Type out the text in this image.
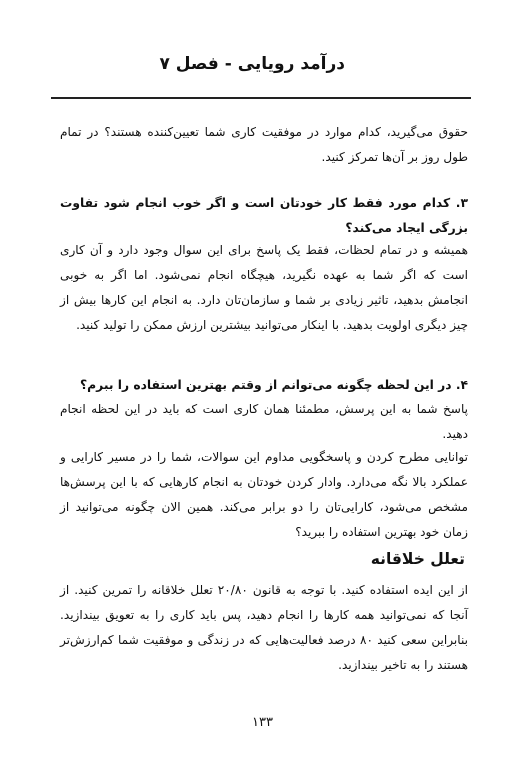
درآمد رویایی - فصل ۷

حقوق می‌گیرید، کدام موارد در موفقیت کاری شما تعیین‌کننده هستند؟ در تمام طول روز بر آن‌ها تمرکز کنید.

۳. کدام مورد فقط کار خودتان است و اگر خوب انجام شود تفاوت بزرگی ایجاد می‌کند؟

همیشه و در تمام لحظات، فقط یک پاسخ برای این سوال وجود دارد و آن کاری است که اگر شما به عهده نگیرید، هیچگاه انجام نمی‌شود. اما اگر به خوبی انجامش بدهید، تاثیر زیادی بر شما و سازمان‌تان دارد. به انجام این کارها بیش از چیز دیگری اولویت بدهید. با اینکار می‌توانید بیشترین ارزش ممکن را تولید کنید.

۴. در این لحظه چگونه می‌توانم از وقتم بهترین استفاده را ببرم؟

پاسخ شما به این پرسش، مطمئنا همان کاری است که باید در این لحظه انجام دهید.

توانایی مطرح کردن و پاسخگویی مداوم این سوالات، شما را در مسیر کارایی و عملکرد بالا نگه می‌دارد. وادار کردن خودتان به انجام کارهایی که با این پرسش‌ها مشخص می‌شود، کارایی‌تان را دو برابر می‌کند. همین الان چگونه می‌توانید از زمان خود بهترین استفاده را ببرید؟

تعلل خلاقانه

از این ایده استفاده کنید. با توجه به قانون ۲۰/۸۰ تعلل خلاقانه را تمرین کنید. از آنجا که نمی‌توانید همه کارها را انجام دهید، پس باید کاری را به تعویق بیندازید. بنابراین سعی کنید ۸۰ درصد فعالیت‌هایی که در زندگی و موفقیت شما کم‌ارزش‌تر هستند را به تاخیر بیندازید.

۱۳۳
